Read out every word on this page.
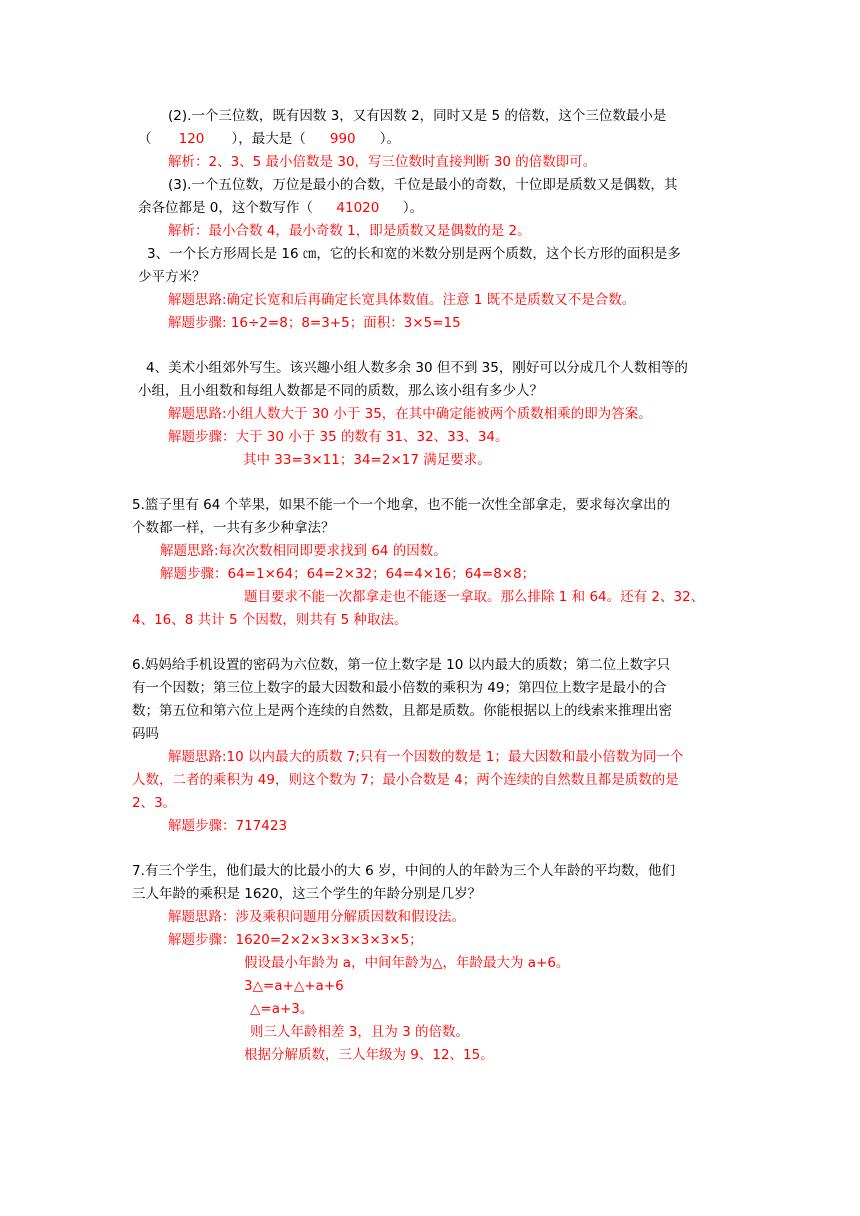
(2).一个三位数，既有因数 3，又有因数 2，同时又是 5 的倍数，这个三位数最小是
（ 120 ），最大是（ 990 ）。
解析：2、3、5 最小倍数是 30，写三位数时直接判断 30 的倍数即可。
(3).一个五位数，万位是最小的合数，千位是最小的奇数，十位即是质数又是偶数，其
余各位都是 0，这个数写作（ 41020 ）。
解析：最小合数 4，最小奇数 1，即是质数又是偶数的是 2。
3、一个长方形周长是 16 ㎝，它的长和宽的米数分别是两个质数，这个长方形的面积是多
少平方米？
解题思路:确定长宽和后再确定长宽具体数值。注意 1 既不是质数又不是合数。
解题步骤: 16÷2=8；8=3+5；面积：3×5=15
4、美术小组郊外写生。该兴趣小组人数多余 30 但不到 35，刚好可以分成几个人数相等的
小组，且小组数和每组人数都是不同的质数，那么该小组有多少人？
解题思路:小组人数大于 30 小于 35，在其中确定能被两个质数相乘的即为答案。
解题步骤：大于 30 小于 35 的数有 31、32、33、34。
其中 33=3×11；34=2×17 满足要求。
5.篮子里有 64 个苹果，如果不能一个一个地拿，也不能一次性全部拿走，要求每次拿出的
个数都一样，一共有多少种拿法？
解题思路:每次次数相同即要求找到 64 的因数。
解题步骤：64=1×64；64=2×32；64=4×16；64=8×8；
题目要求不能一次都拿走也不能逐一拿取。那么排除 1 和 64。还有 2、32、
4、16、8 共计 5 个因数，则共有 5 种取法。
6.妈妈给手机设置的密码为六位数，第一位上数字是 10 以内最大的质数；第二位上数字只
有一个因数；第三位上数字的最大因数和最小倍数的乘积为 49；第四位上数字是最小的合
数；第五位和第六位上是两个连续的自然数，且都是质数。你能根据以上的线索来推理出密
码吗
解题思路:10 以内最大的质数 7;只有一个因数的数是 1；最大因数和最小倍数为同一个
人数，二者的乘积为 49，则这个数为 7；最小合数是 4；两个连续的自然数且都是质数的是
2、3。
解题步骤：717423
7.有三个学生，他们最大的比最小的大 6 岁，中间的人的年龄为三个人年龄的平均数，他们
三人年龄的乘积是 1620，这三个学生的年龄分别是几岁？
解题思路：涉及乘积问题用分解质因数和假设法。
解题步骤：1620=2×2×3×3×3×3×5；
假设最小年龄为 a，中间年龄为△，年龄最大为 a+6。
3△=a+△+a+6
△=a+3。
则三人年龄相差 3，且为 3 的倍数。
根据分解质数，三人年级为 9、12、15。
